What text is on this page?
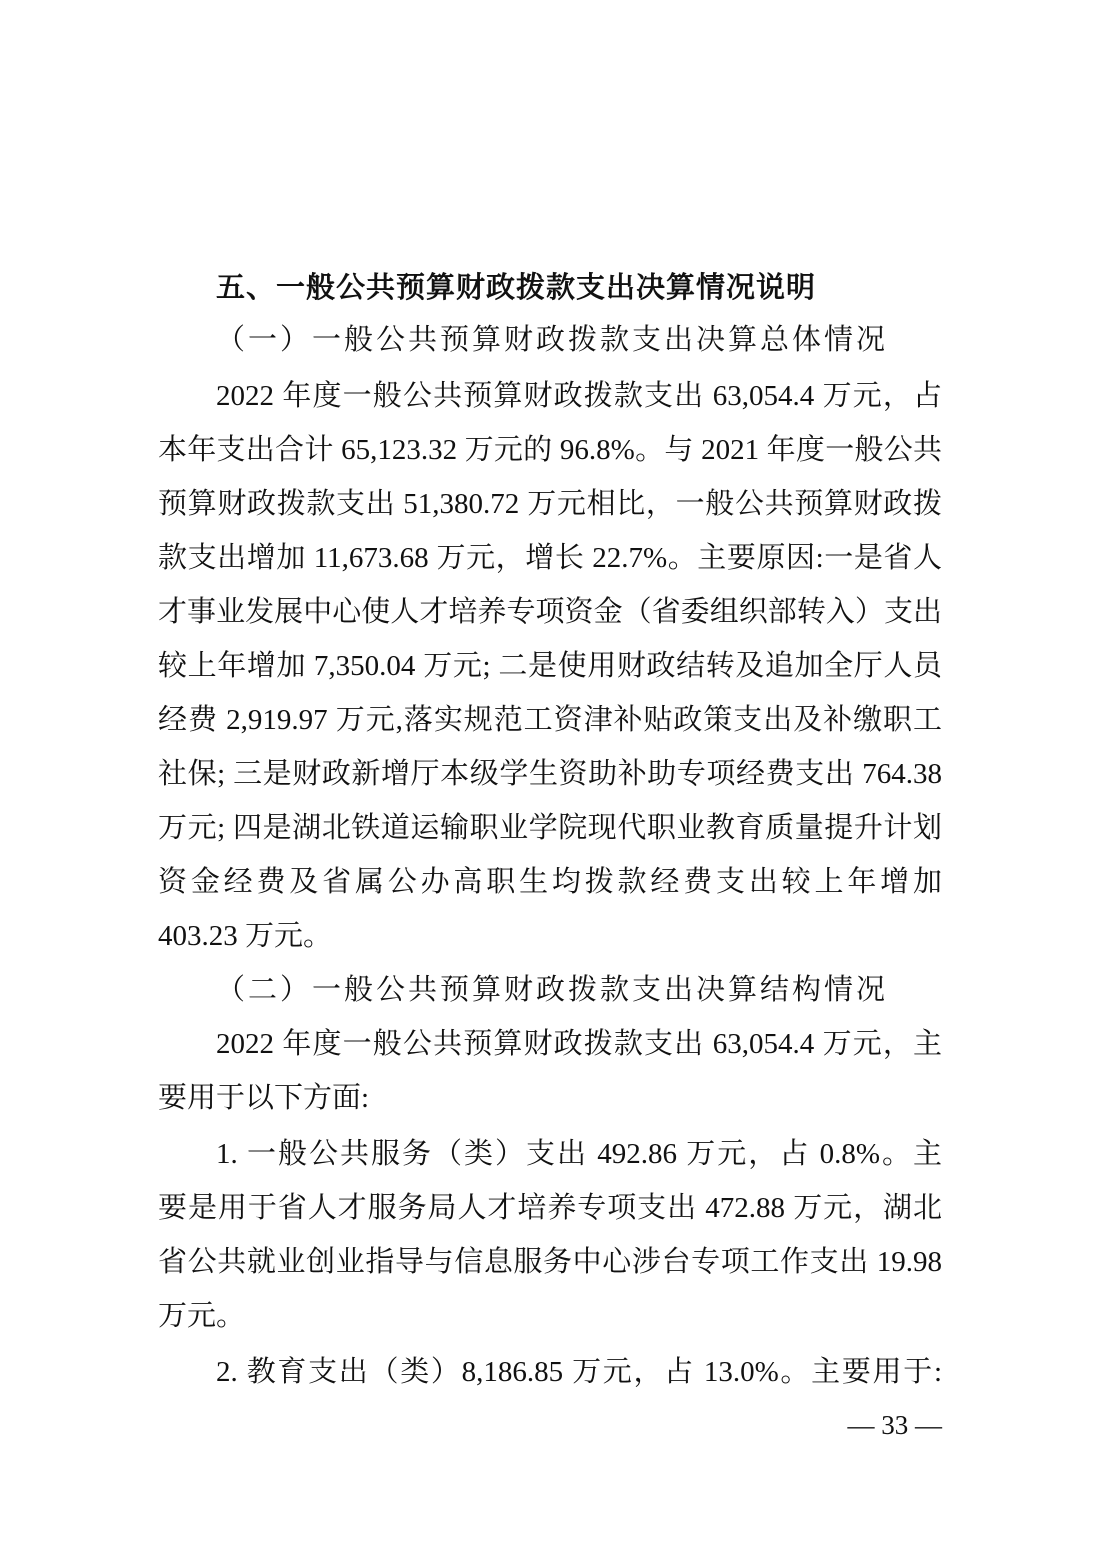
五、一般公共预算财政拨款支出决算情况说明
（一）一般公共预算财政拨款支出决算总体情况
2022 年度一般公共预算财政拨款支出 63,054.4 万元，占
本年支出合计 65,123.32 万元的 96.8%。与 2021 年度一般公共
预算财政拨款支出 51,380.72 万元相比，一般公共预算财政拨
款支出增加 11,673.68 万元，增长 22.7%。主要原因:一是省人
才事业发展中心使人才培养专项资金（省委组织部转入）支出
较上年增加 7,350.04 万元; 二是使用财政结转及追加全厅人员
经费 2,919.97 万元,落实规范工资津补贴政策支出及补缴职工
社保; 三是财政新增厅本级学生资助补助专项经费支出 764.38
万元; 四是湖北铁道运输职业学院现代职业教育质量提升计划
资金经费及省属公办高职生均拨款经费支出较上年增加
403.23 万元。
（二）一般公共预算财政拨款支出决算结构情况
2022 年度一般公共预算财政拨款支出 63,054.4 万元，主
要用于以下方面:
1. 一般公共服务（类）支出 492.86 万元，占 0.8%。主
要是用于省人才服务局人才培养专项支出 472.88 万元，湖北
省公共就业创业指导与信息服务中心涉台专项工作支出 19.98
万元。
2. 教育支出（类）8,186.85 万元，占 13.0%。主要用于:
— 33 —
